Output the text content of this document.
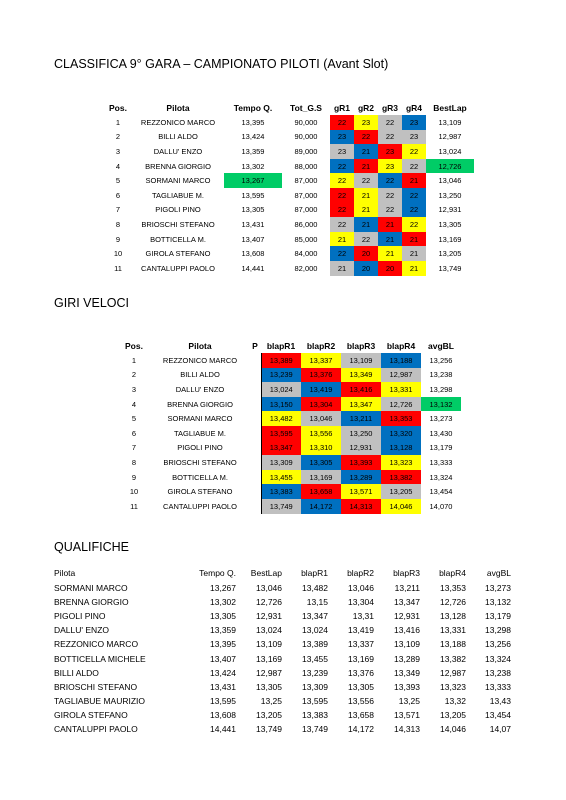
CLASSIFICA 9° GARA – CAMPIONATO PILOTI (Avant Slot)
Pos.	Pilota	Tempo Q.	Tot_G.S	gR1	gR2	gR3	gR4	BestLap
1	REZZONICO MARCO	13,395	90,000	22	23	22	23	13,109
2	BILLI ALDO	13,424	90,000	23	22	22	23	12,987
3	DALLU' ENZO	13,359	89,000	23	21	23	22	13,024
4	BRENNA GIORGIO	13,302	88,000	22	21	23	22	12,726
5	SORMANI MARCO	13,267	87,000	22	22	22	21	13,046
6	TAGLIABUE M.	13,595	87,000	22	21	22	22	13,250
7	PIGOLI PINO	13,305	87,000	22	21	22	22	12,931
8	BRIOSCHI STEFANO	13,431	86,000	22	21	21	22	13,305
9	BOTTICELLA M.	13,407	85,000	21	22	21	21	13,169
10	GIROLA STEFANO	13,608	84,000	22	20	21	21	13,205
11	CANTALUPPI PAOLO	14,441	82,000	21	20	20	21	13,749
GIRI VELOCI
Pos.	Pilota	P	blapR1	blapR2	blapR3	blapR4	avgBL
1	REZZONICO MARCO		13,389	13,337	13,109	13,188	13,256
2	BILLI ALDO		13,239	13,376	13,349	12,987	13,238
3	DALLU' ENZO		13,024	13,419	13,416	13,331	13,298
4	BRENNA GIORGIO		13,150	13,304	13,347	12,726	13,132
5	SORMANI MARCO		13,482	13,046	13,211	13,353	13,273
6	TAGLIABUE M.		13,595	13,556	13,250	13,320	13,430
7	PIGOLI PINO		13,347	13,310	12,931	13,128	13,179
8	BRIOSCHI STEFANO		13,309	13,305	13,393	13,323	13,333
9	BOTTICELLA M.		13,455	13,169	13,289	13,382	13,324
10	GIROLA STEFANO		13,383	13,658	13,571	13,205	13,454
11	CANTALUPPI PAOLO		13,749	14,172	14,313	14,046	14,070
QUALIFICHE
Pilota	Tempo Q.	BestLap	blapR1	blapR2	blapR3	blapR4	avgBL
SORMANI MARCO	13,267	13,046	13,482	13,046	13,211	13,353	13,273
BRENNA GIORGIO	13,302	12,726	13,15	13,304	13,347	12,726	13,132
PIGOLI PINO	13,305	12,931	13,347	13,31	12,931	13,128	13,179
DALLU' ENZO	13,359	13,024	13,024	13,419	13,416	13,331	13,298
REZZONICO MARCO	13,395	13,109	13,389	13,337	13,109	13,188	13,256
BOTTICELLA MICHELE	13,407	13,169	13,455	13,169	13,289	13,382	13,324
BILLI ALDO	13,424	12,987	13,239	13,376	13,349	12,987	13,238
BRIOSCHI STEFANO	13,431	13,305	13,309	13,305	13,393	13,323	13,333
TAGLIABUE MAURIZIO	13,595	13,25	13,595	13,556	13,25	13,32	13,43
GIROLA STEFANO	13,608	13,205	13,383	13,658	13,571	13,205	13,454
CANTALUPPI PAOLO	14,441	13,749	13,749	14,172	14,313	14,046	14,07
